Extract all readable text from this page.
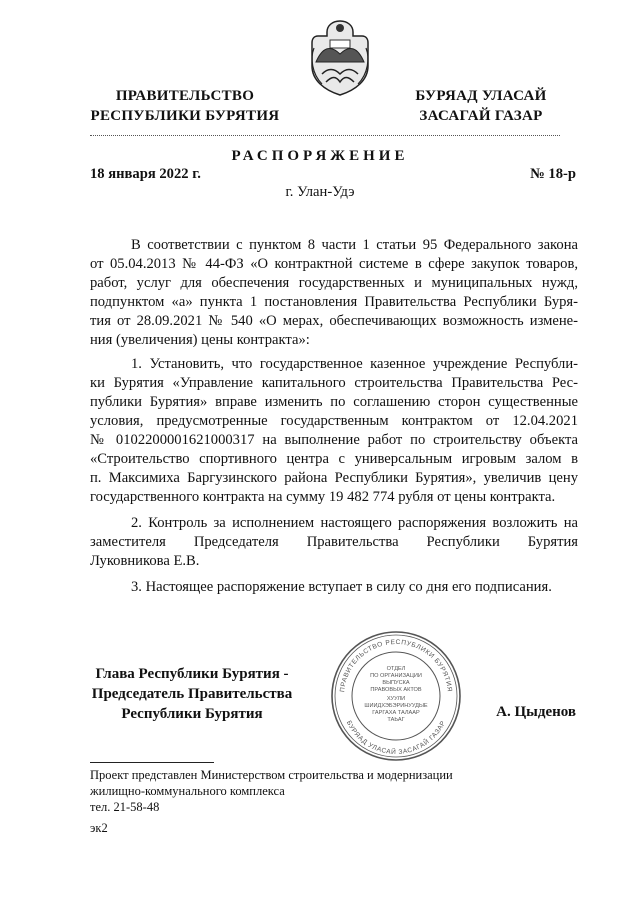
ПРАВИТЕЛЬСТВО
РЕСПУБЛИКИ БУРЯТИЯ
БУРЯАД УЛАСАЙ
ЗАСАГАЙ ГАЗАР
РАСПОРЯЖЕНИЕ
18 января 2022 г.	№ 18-р
г. Улан-Удэ
В соответствии с пунктом 8 части 1 статьи 95 Федерального закона
от 05.04.2013 № 44-ФЗ «О контрактной системе в сфере закупок товаров,
работ, услуг для обеспечения государственных и муниципальных нужд,
подпунктом «а» пункта 1 постановления Правительства Республики Буря-
тия от 28.09.2021 № 540 «О мерах, обеспечивающих возможность измене-
ния (увеличения) цены контракта»:
1. Установить, что государственное казенное учреждение Республи-
ки Бурятия «Управление капитального строительства Правительства Рес-
публики Бурятия» вправе изменить по соглашению сторон существенные
условия, предусмотренные государственным контрактом от 12.04.2021
№ 0102200001621000317 на выполнение работ по строительству объекта
«Строительство спортивного центра с универсальным игровым залом в
п. Максимиха Баргузинского района Республики Бурятия», увеличив цену
государственного контракта на сумму 19 482 774 рубля от цены контракта.
2. Контроль за исполнением настоящего распоряжения возложить на
заместителя Председателя Правительства Республики Бурятия
Луковникова Е.В.
3. Настоящее распоряжение вступает в силу со дня его подписания.
ПРАВИТЕЛЬСТВО РЕСПУБЛИКИ БУРЯТИЯ
БУРЯАД УЛАСАЙ ЗАСАГАЙ ГАЗАР
ОТДЕЛ
ПО ОРГАНИЗАЦИИ
ВЫПУСКА
ПРАВОВЫХ АКТОВ
ХУУЛИ
ШИИДХЭБЭРИНУУДЫЕ
ГАРГАХА ТАЛААР
ТАЬАГ
Глава Республики Бурятия -
Председатель Правительства
Республики Бурятия	А. Цыденов
Проект представлен Министерством строительства и модернизации
жилищно-коммунального комплекса
тел. 21-58-48
эк2
